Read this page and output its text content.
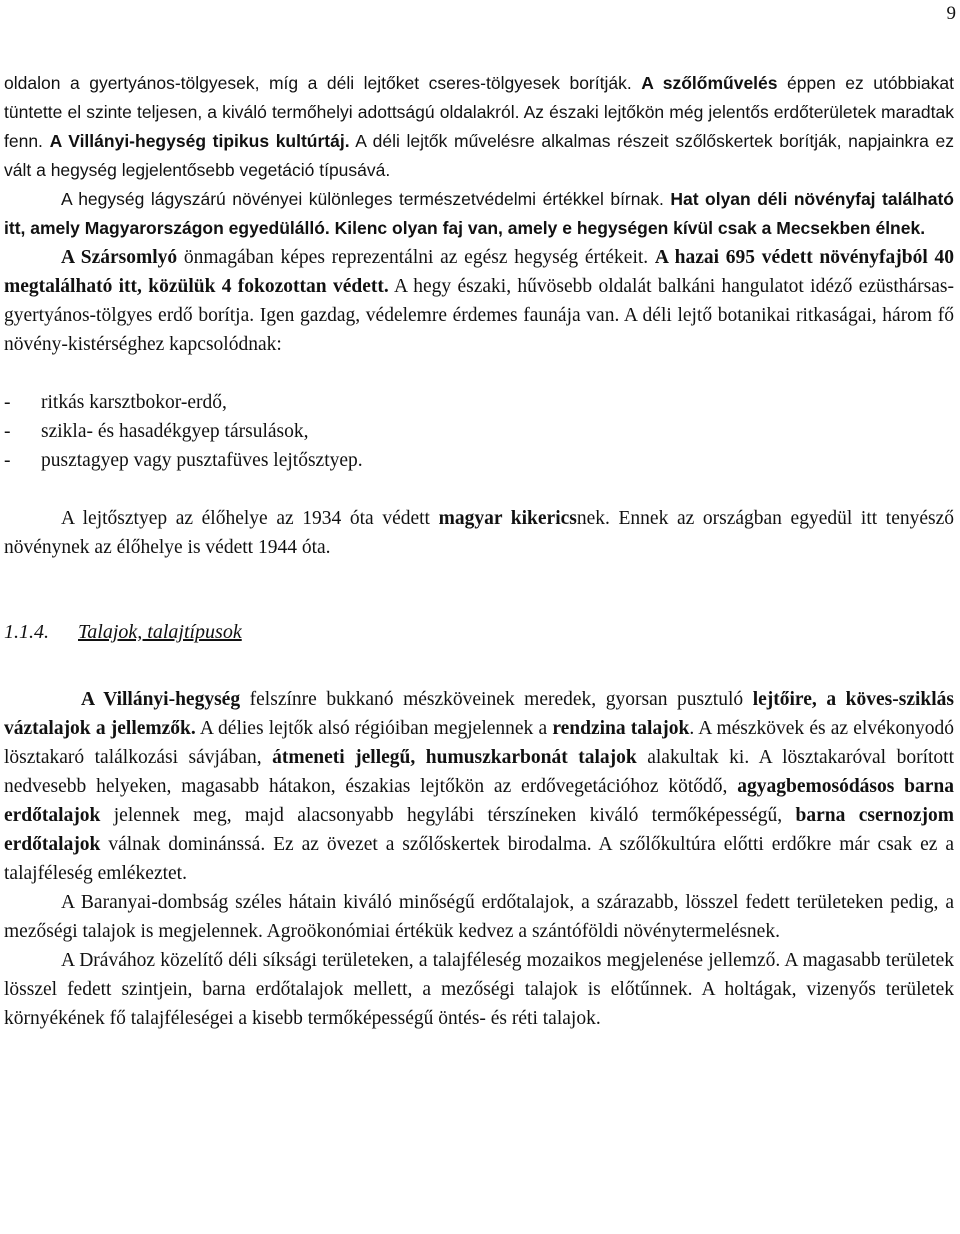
9

oldalon a gyertyános-tölgyesek, míg a déli lejtőket cseres-tölgyesek borítják. A szőlőművelés éppen ez utóbbiakat tüntette el szinte teljesen, a kiváló termőhelyi adottságú oldalakról. Az északi lejtőkön még jelentős erdőterületek maradtak fenn. A Villányi-hegység tipikus kultúrtáj. A déli lejtők művelésre alkalmas részeit szőlőskertek borítják, napjainkra ez vált a hegység legjelentősebb vegetáció típusává.

A hegység lágyszárú növényei különleges természetvédelmi értékkel bírnak. Hat olyan déli növényfaj található itt, amely Magyarországon egyedülálló. Kilenc olyan faj van, amely e hegységen kívül csak a Mecsekben élnek.

A Szársomlyó önmagában képes reprezentálni az egész hegység értékeit. A hazai 695 védett növényfajból 40 megtalálható itt, közülük 4 fokozottan védett. A hegy északi, hűvösebb oldalát balkáni hangulatot idéző ezüsthársas-gyertyános-tölgyes erdő borítja. Igen gazdag, védelemre érdemes faunája van. A déli lejtő botanikai ritkaságai, három fő növény-kistérséghez kapcsolódnak:

-	ritkás karsztbokor-erdő,
-	szikla- és hasadékgyep társulások,
-	pusztagyep vagy pusztafüves lejtősztyep.

A lejtősztyep az élőhelye az 1934 óta védett magyar kikericsnek. Ennek az országban egyedül itt tenyésző növénynek az élőhelye is védett 1944 óta.

1.1.4. Talajok, talajtípusok

A Villányi-hegység felszínre bukkanó mészköveinek meredek, gyorsan pusztuló lejtőire, a köves-sziklás váztalajok a jellemzők. A délies lejtők alsó régióiban megjelennek a rendzina talajok. A mészkövek és az elvékonyodó lösztakaró találkozási sávjában, átmeneti jellegű, humuszkarbonát talajok alakultak ki. A lösztakaróval borított nedvesebb helyeken, magasabb hátakon, északias lejtőkön az erdővegetációhoz kötődő, agyagbemosódásos barna erdőtalajok jelennek meg, majd alacsonyabb hegylábi térszíneken kiváló termőképességű, barna csernozjom erdőtalajok válnak dominánssá. Ez az övezet a szőlőskertek birodalma. A szőlőkultúra előtti erdőkre már csak ez a talajféleség emlékeztet.

A Baranyai-dombság széles hátain kiváló minőségű erdőtalajok, a szárazabb, lösszel fedett területeken pedig, a mezőségi talajok is megjelennek. Agroökonómiai értékük kedvez a szántóföldi növénytermelésnek.

A Drávához közelítő déli síksági területeken, a talajféleség mozaikos megjelenése jellemző. A magasabb területek lösszel fedett szintjein, barna erdőtalajok mellett, a mezőségi talajok is előtűnnek. A holtágak, vizenyős területek környékének fő talajféleségei a kisebb termőképességű öntés- és réti talajok.
